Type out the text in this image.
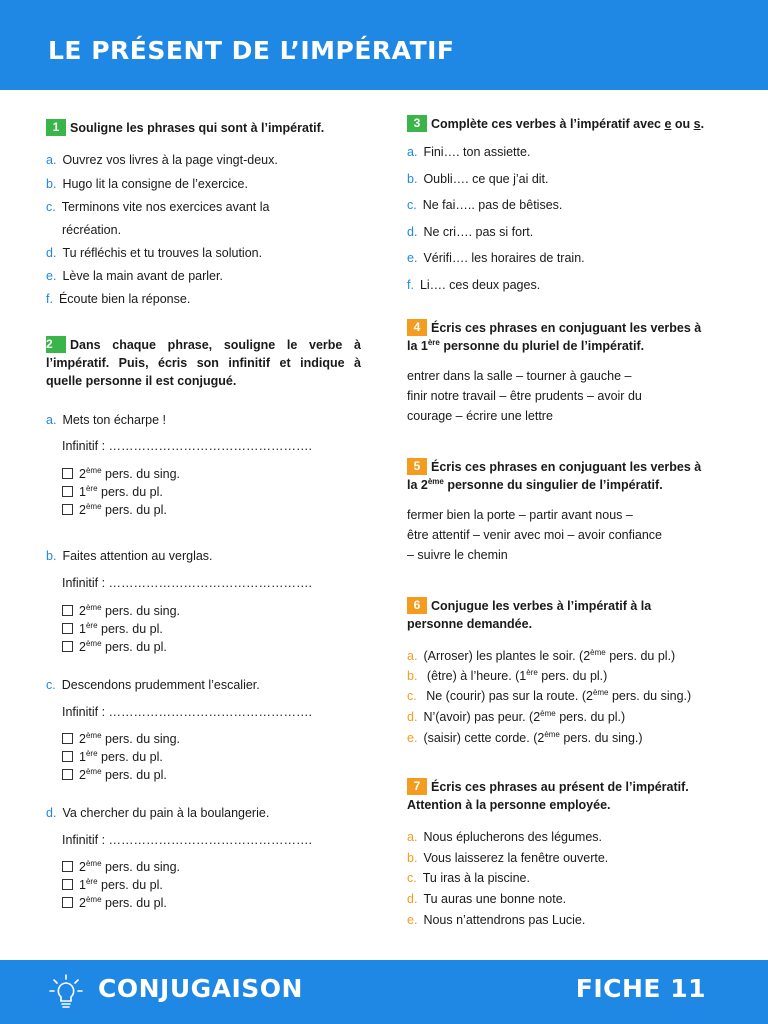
LE PRÉSENT DE L’IMPÉRATIF
1 Souligne les phrases qui sont à l’impératif.
a. Ouvrez vos livres à la page vingt-deux.
b. Hugo lit la consigne de l’exercice.
c. Terminons vite nos exercices avant la
récréation.
d. Tu réfléchis et tu trouves la solution.
e. Lève la main avant de parler.
f. Écoute bien la réponse.
2 Dans chaque phrase, souligne le verbe à
l’impératif. Puis, écris son infinitif et indique à
quelle personne il est conjugué.
a. Mets ton écharpe !
Infinitif : ………………………………………….
2ème pers. du sing.
1ère pers. du pl.
2ème pers. du pl.
b. Faites attention au verglas.
Infinitif : ………………………………………….
2ème pers. du sing.
1ère pers. du pl.
2ème pers. du pl.
c. Descendons prudemment l’escalier.
Infinitif : ………………………………………….
2ème pers. du sing.
1ère pers. du pl.
2ème pers. du pl.
d. Va chercher du pain à la boulangerie.
Infinitif : ………………………………………….
2ème pers. du sing.
1ère pers. du pl.
2ème pers. du pl.
3 Complète ces verbes à l’impératif avec e ou s.
a. Fini…. ton assiette.
b. Oubli…. ce que j’ai dit.
c. Ne fai….. pas de bêtises.
d. Ne cri…. pas si fort.
e. Vérifi…. les horaires de train.
f. Li…. ces deux pages.
4 Écris ces phrases en conjuguant les verbes à
la 1ère personne du pluriel de l’impératif.
entrer dans la salle – tourner à gauche –
finir notre travail – être prudents – avoir du
courage – écrire une lettre
5 Écris ces phrases en conjuguant les verbes à
la 2ème personne du singulier de l’impératif.
fermer bien la porte – partir avant nous –
être attentif – venir avec moi – avoir confiance
– suivre le chemin
6 Conjugue les verbes à l’impératif à la
personne demandée.
a. (Arroser) les plantes le soir. (2ème pers. du pl.)
b. (être) à l’heure. (1ère pers. du pl.)
c. Ne (courir) pas sur la route. (2ème pers. du sing.)
d. N’(avoir) pas peur. (2ème pers. du pl.)
e. (saisir) cette corde. (2ème pers. du sing.)
7 Écris ces phrases au présent de l’impératif.
Attention à la personne employée.
a. Nous éplucherons des légumes.
b. Vous laisserez la fenêtre ouverte.
c. Tu iras à la piscine.
d. Tu auras une bonne note.
e. Nous n’attendrons pas Lucie.
CONJUGAISON	FICHE 11
